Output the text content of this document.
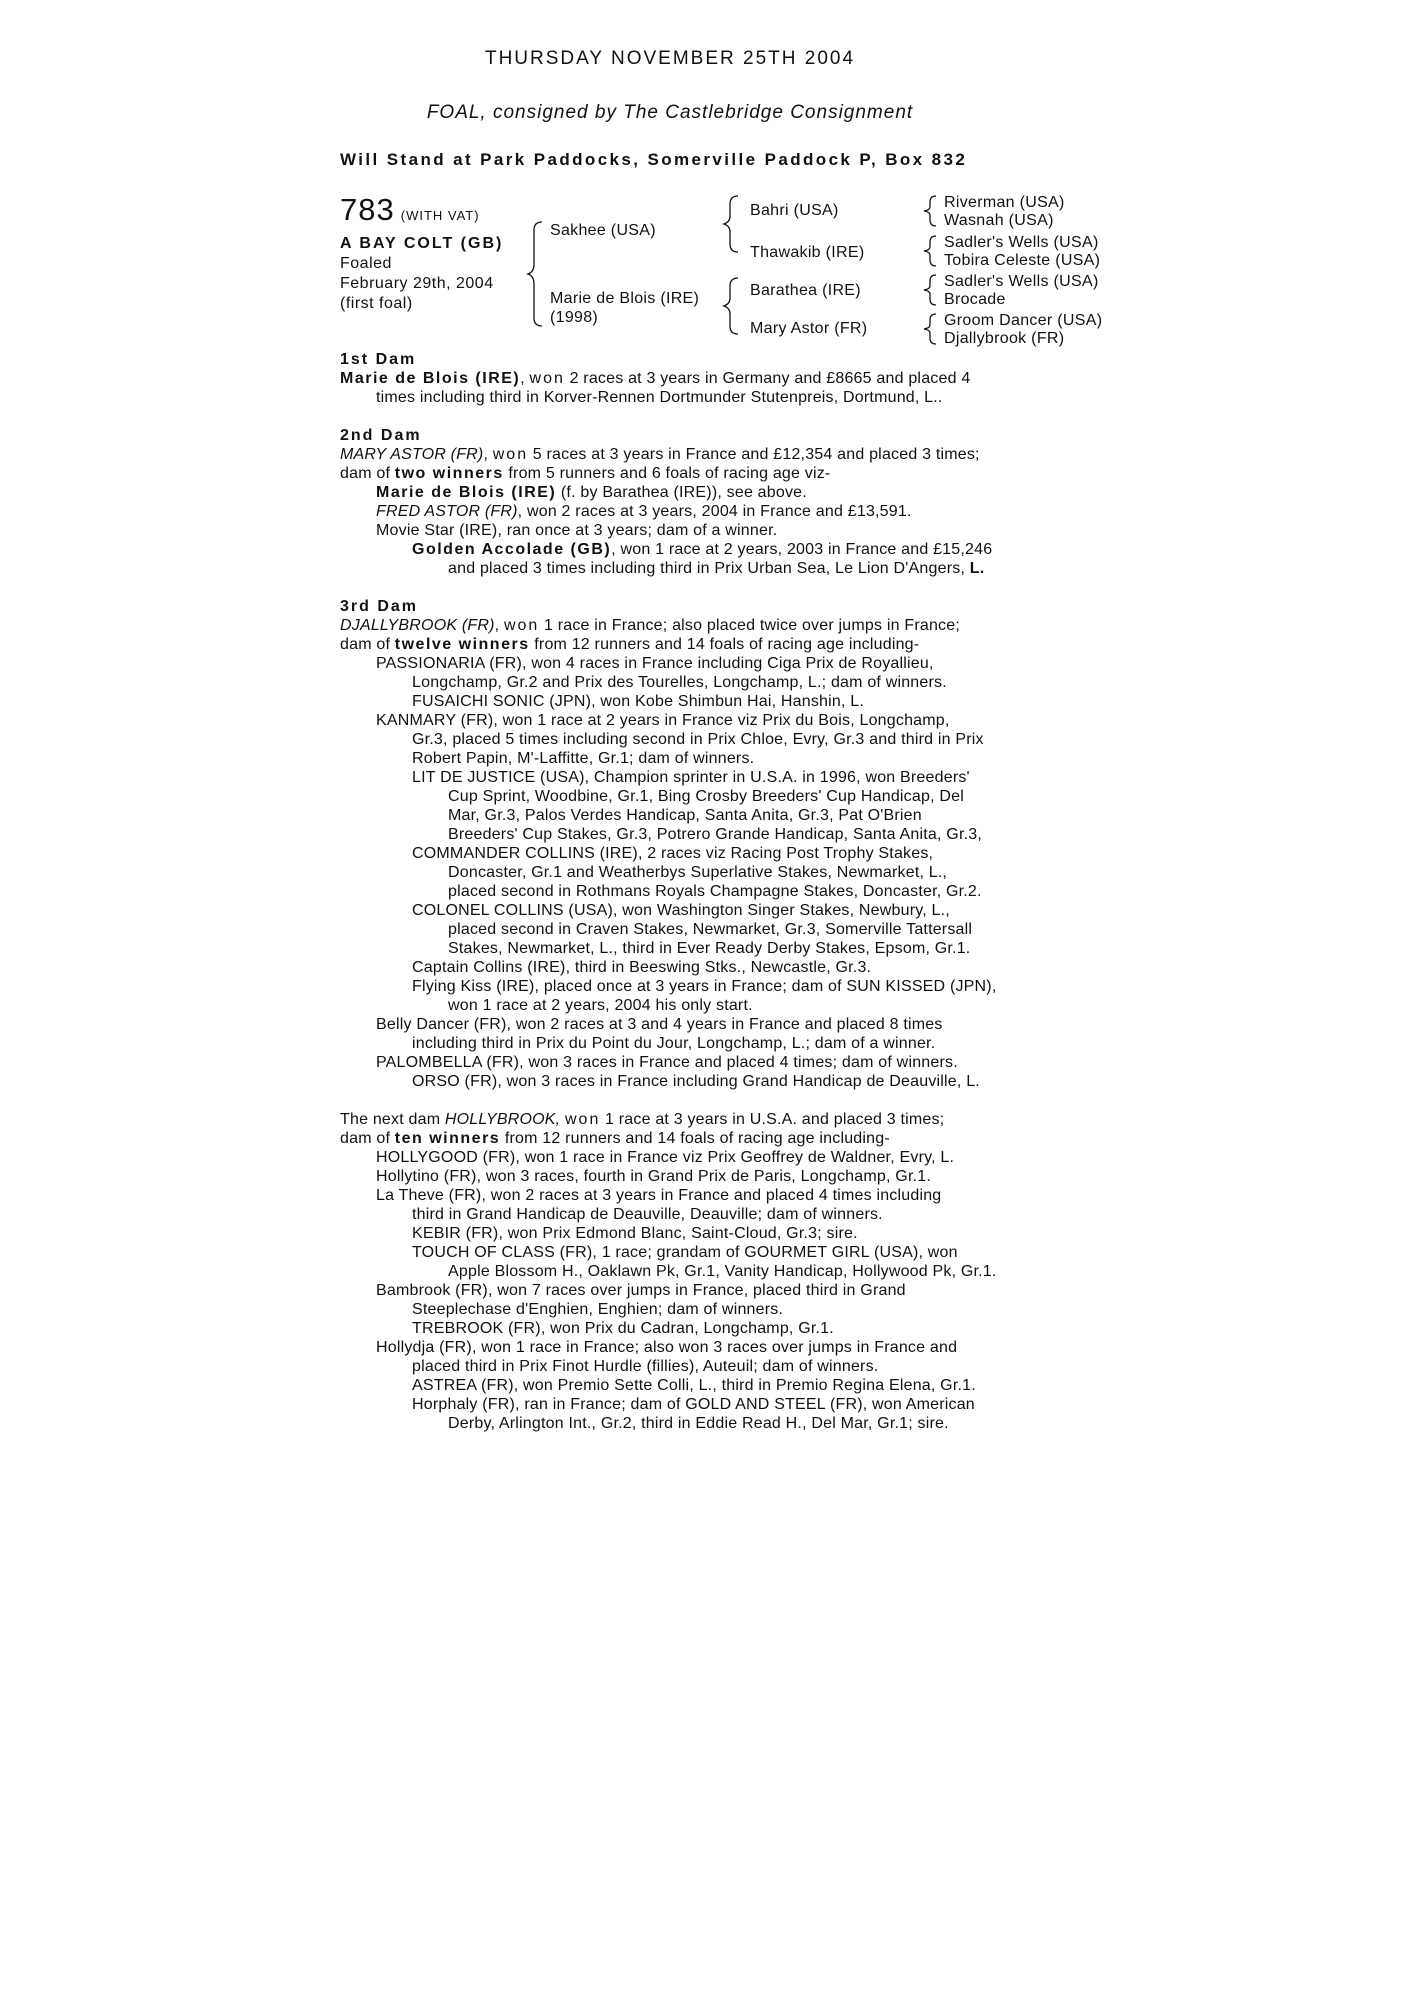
THURSDAY NOVEMBER 25TH 2004
FOAL, consigned by The Castlebridge Consignment
Will Stand at Park Paddocks, Somerville Paddock P, Box 832
783 (WITH VAT)
A BAY COLT (GB)
Foaled
February 29th, 2004
(first foal)
Sakhee (USA)
Marie de Blois (IRE)
(1998)
Bahri (USA)
Thawakib (IRE)
Barathea (IRE)
Mary Astor (FR)
Riverman (USA)
Wasnah (USA)
Sadler's Wells (USA)
Tobira Celeste (USA)
Sadler's Wells (USA)
Brocade
Groom Dancer (USA)
Djallybrook (FR)
1st Dam
Marie de Blois (IRE), won 2 races at 3 years in Germany and £8665 and placed 4
times including third in Korver-Rennen Dortmunder Stutenpreis, Dortmund, L..
2nd Dam
MARY ASTOR (FR), won 5 races at 3 years in France and £12,354 and placed 3 times;
dam of two winners from 5 runners and 6 foals of racing age viz-
Marie de Blois (IRE) (f. by Barathea (IRE)), see above.
FRED ASTOR (FR), won 2 races at 3 years, 2004 in France and £13,591.
Movie Star (IRE), ran once at 3 years; dam of a winner.
Golden Accolade (GB), won 1 race at 2 years, 2003 in France and £15,246
and placed 3 times including third in Prix Urban Sea, Le Lion D'Angers, L.
3rd Dam
DJALLYBROOK (FR), won 1 race in France; also placed twice over jumps in France;
dam of twelve winners from 12 runners and 14 foals of racing age including-
PASSIONARIA (FR), won 4 races in France including Ciga Prix de Royallieu,
Longchamp, Gr.2 and Prix des Tourelles, Longchamp, L.; dam of winners.
FUSAICHI SONIC (JPN), won Kobe Shimbun Hai, Hanshin, L.
KANMARY (FR), won 1 race at 2 years in France viz Prix du Bois, Longchamp,
Gr.3, placed 5 times including second in Prix Chloe, Evry, Gr.3 and third in Prix
Robert Papin, M'-Laffitte, Gr.1; dam of winners.
LIT DE JUSTICE (USA), Champion sprinter in U.S.A. in 1996, won Breeders'
Cup Sprint, Woodbine, Gr.1, Bing Crosby Breeders' Cup Handicap, Del
Mar, Gr.3, Palos Verdes Handicap, Santa Anita, Gr.3, Pat O'Brien
Breeders' Cup Stakes, Gr.3, Potrero Grande Handicap, Santa Anita, Gr.3,
COMMANDER COLLINS (IRE), 2 races viz Racing Post Trophy Stakes,
Doncaster, Gr.1 and Weatherbys Superlative Stakes, Newmarket, L.,
placed second in Rothmans Royals Champagne Stakes, Doncaster, Gr.2.
COLONEL COLLINS (USA), won Washington Singer Stakes, Newbury, L.,
placed second in Craven Stakes, Newmarket, Gr.3, Somerville Tattersall
Stakes, Newmarket, L., third in Ever Ready Derby Stakes, Epsom, Gr.1.
Captain Collins (IRE), third in Beeswing Stks., Newcastle, Gr.3.
Flying Kiss (IRE), placed once at 3 years in France; dam of SUN KISSED (JPN),
won 1 race at 2 years, 2004 his only start.
Belly Dancer (FR), won 2 races at 3 and 4 years in France and placed 8 times
including third in Prix du Point du Jour, Longchamp, L.; dam of a winner.
PALOMBELLA (FR), won 3 races in France and placed 4 times; dam of winners.
ORSO (FR), won 3 races in France including Grand Handicap de Deauville, L.
The next dam HOLLYBROOK, won 1 race at 3 years in U.S.A. and placed 3 times;
dam of ten winners from 12 runners and 14 foals of racing age including-
HOLLYGOOD (FR), won 1 race in France viz Prix Geoffrey de Waldner, Evry, L.
Hollytino (FR), won 3 races, fourth in Grand Prix de Paris, Longchamp, Gr.1.
La Theve (FR), won 2 races at 3 years in France and placed 4 times including
third in Grand Handicap de Deauville, Deauville; dam of winners.
KEBIR (FR), won Prix Edmond Blanc, Saint-Cloud, Gr.3; sire.
TOUCH OF CLASS (FR), 1 race; grandam of GOURMET GIRL (USA), won
Apple Blossom H., Oaklawn Pk, Gr.1, Vanity Handicap, Hollywood Pk, Gr.1.
Bambrook (FR), won 7 races over jumps in France, placed third in Grand
Steeplechase d'Enghien, Enghien; dam of winners.
TREBROOK (FR), won Prix du Cadran, Longchamp, Gr.1.
Hollydja (FR), won 1 race in France; also won 3 races over jumps in France and
placed third in Prix Finot Hurdle (fillies), Auteuil; dam of winners.
ASTREA (FR), won Premio Sette Colli, L., third in Premio Regina Elena, Gr.1.
Horphaly (FR), ran in France; dam of GOLD AND STEEL (FR), won American
Derby, Arlington Int., Gr.2, third in Eddie Read H., Del Mar, Gr.1; sire.
